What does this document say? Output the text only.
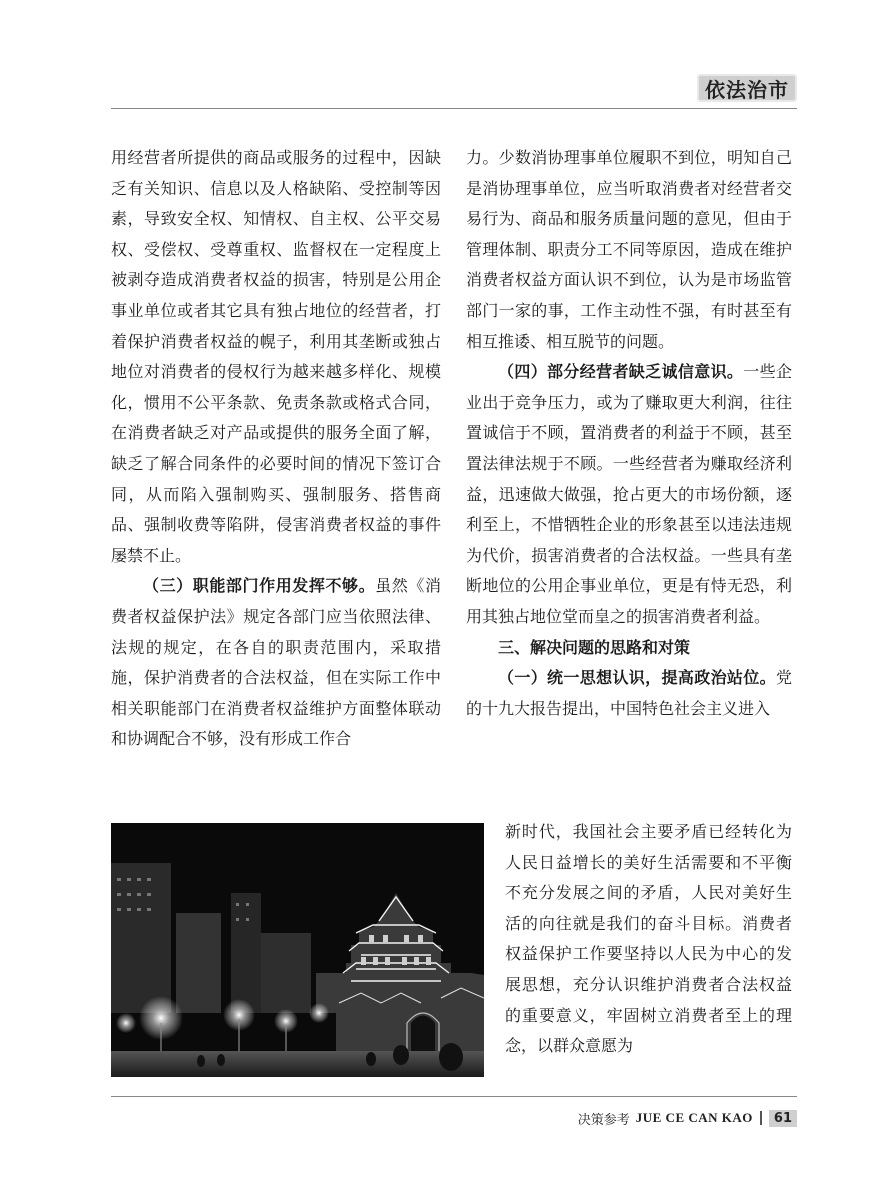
依法治市

用经营者所提供的商品或服务的过程中，因缺乏有关知识、信息以及人格缺陷、受控制等因素，导致安全权、知情权、自主权、公平交易权、受偿权、受尊重权、监督权在一定程度上被剥夺造成消费者权益的损害，特别是公用企事业单位或者其它具有独占地位的经营者，打着保护消费者权益的幌子，利用其垄断或独占地位对消费者的侵权行为越来越多样化、规模化，惯用不公平条款、免责条款或格式合同，在消费者缺乏对产品或提供的服务全面了解，缺乏了解合同条件的必要时间的情况下签订合同，从而陷入强制购买、强制服务、搭售商品、强制收费等陷阱，侵害消费者权益的事件屡禁不止。

（三）职能部门作用发挥不够。虽然《消费者权益保护法》规定各部门应当依照法律、法规的规定，在各自的职责范围内，采取措施，保护消费者的合法权益，但在实际工作中相关职能部门在消费者权益维护方面整体联动和协调配合不够，没有形成工作合

力。少数消协理事单位履职不到位，明知自己是消协理事单位，应当听取消费者对经营者交易行为、商品和服务质量问题的意见，但由于管理体制、职责分工不同等原因，造成在维护消费者权益方面认识不到位，认为是市场监管部门一家的事，工作主动性不强，有时甚至有相互推诿、相互脱节的问题。

（四）部分经营者缺乏诚信意识。一些企业出于竞争压力，或为了赚取更大利润，往往置诚信于不顾，置消费者的利益于不顾，甚至置法律法规于不顾。一些经营者为赚取经济利益，迅速做大做强，抢占更大的市场份额，逐利至上，不惜牺牲企业的形象甚至以违法违规为代价，损害消费者的合法权益。一些具有垄断地位的公用企事业单位，更是有恃无恐，利用其独占地位堂而皇之的损害消费者利益。

三、解决问题的思路和对策

（一）统一思想认识，提高政治站位。党的十九大报告提出，中国特色社会主义进入

新时代，我国社会主要矛盾已经转化为人民日益增长的美好生活需要和不平衡不充分发展之间的矛盾，人民对美好生活的向往就是我们的奋斗目标。消费者权益保护工作要坚持以人民为中心的发展思想，充分认识维护消费者合法权益的重要意义，牢固树立消费者至上的理念，以群众意愿为

决策参考 JUE CE CAN KAO	61
